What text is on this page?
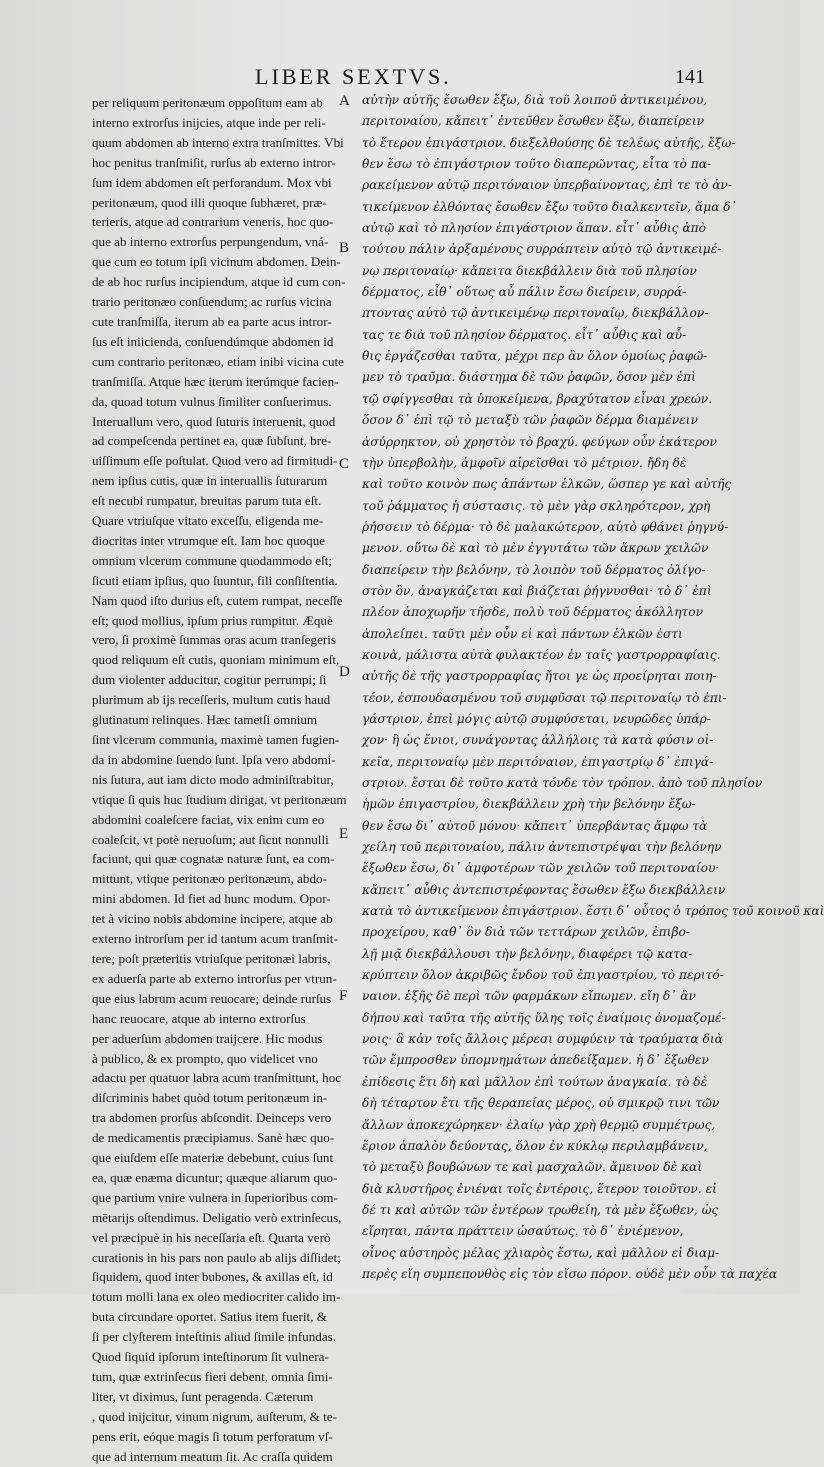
LIBER SEXTVS.	141
per reliquum peritonæum oppoſitum eam ab
interno extrorſus inijcies, atque inde per reli-
quum abdomen ab interno extra tranſmittes. Vbi
hoc penitus tranſmiſit, rurſus ab externo intror-
ſum idem abdomen eſt perforandum. Mox vbi
peritonæum, quod illi quoque ſubhæret, præ-
terieris, atque ad contrarium veneris, hoc quo-
que ab interno extrorſus perpungendum, vná-
que cum eo totum ipſi vicinum abdomen. Dein-
de ab hoc rurſus incipiendum, atque id cum con-
trario peritonæo conſuendum; ac rurſus vicina
cute tranſmiſſa, iterum ab ea parte acus intror-
ſus eſt iniicienda, conſuendúmque abdomen id
cum contrario peritonæo, etiam inibi vicina cute
tranſmiſſa. Atque hæc iterum iterúmque facien-
da, quoad totum vulnus ſimiliter conſuerimus.
Interuallum vero, quod ſuturis interuenit, quod
ad compeſcenda pertinet ea, quæ ſubſunt, bre-
uiſſimum eſſe poſtulat. Quod vero ad firmitudi-
nem ipſius cutis, quæ in interuallis ſuturarum
eſt necubi rumpatur, breuitas parum tuta eſt.
Quare vtriuſque vitato exceſſu, eligenda me-
diocritas inter vtrumque eſt. Iam hoc quoque
omnium vlcerum commune quodammodo eſt;
ſicuti etiam ipſius, quo ſuuntur, fili conſiſtentia.
Nam quod iſto durius eſt, cutem rumpat, neceſſe
eſt; quod mollius, ipſum prius rumpitur. Æquè
vero, ſi proximè ſummas oras acum tranſegeris
quod reliquum eſt cutis, quoniam minimum eſt,
dum violenter adducitur, cogitur perrumpi; ſi
plurimum ab ijs receſſeris, multum cutis haud
glutinatum relinques. Hæc tametſi omnium
ſint vlcerum communia, maximè tamen fugien-
da in abdomine ſuendo ſunt. Ipſa vero abdomi-
nis ſutura, aut iam dicto modo adminiſtrabitur,
vtique ſi quis huc ſtudium dirigat, vt peritonæum
abdomini coaleſcere faciat, vix enim cum eo
coaleſcit, vt potè neruoſum; aut ſicut nonnulli
faciunt, qui quæ cognatæ naturæ ſunt, ea com-
mittunt, vtique peritonæo peritonæum, abdo-
mini abdomen. Id fiet ad hunc modum. Opor-
tet à vicino nobis abdomine incipere, atque ab
externo introrſum per id tantum acum tranſmit-
tere; poſt præteritis vtriuſque peritonæi labris,
ex aduerſa parte ab externo introrſus per vtrun-
que eius labrum acum reuocare; deinde rurſus
hanc reuocare, atque ab interno extrorſus
per aduerſum abdomen traijcere. Hic modus
à publico, & ex prompto, quo videlicet vno
adactu per quatuor labra acum tranſmittunt, hoc
diſcriminis habet quòd totum peritonæum in-
tra abdomen prorſus abſcondit. Deinceps vero
de medicamentis præcipiamus. Sanè hæc quo-
que eiuſdem eſſe materiæ debebunt, cuius ſunt
ea, quæ enæma dicuntur; quæque aliarum quo-
que partium vnire vulnera in ſuperioribus com-
mētarijs oſtendimus. Deligatio verò extrinſecus,
vel præcipuè in his neceſſaria eſt. Quarta verò
curationis in his pars non paulo ab alijs diſſidet;
ſiquidem, quod inter bubones, & axillas eſt, id
totum molli lana ex oleo mediocriter calido im-
buta circundare oportet. Satius item fuerit, &
ſi per clyſterem inteſtinis aliud ſimile infundas.
Quod ſiquid ipſorum inteſtinorum ſit vulnera-
tum, quæ extrinſecus fieri debent, omnia ſimi-
liter, vt diximus, ſunt peragenda. Cæterum
, quod inijcitur, vinum nigrum, auſterum, & te-
pens erit, eóque magis ſi totum perforatum vſ-
que ad internum meatum ſit. Ac craſſa quidem
αὐτὴν αὐτῆς ἔσωθεν ἔξω, διὰ τοῦ λοιποῦ ἀντικειμένου,
περιτοναίου, κἄπειτ᾽ ἐντεῦθεν ἔσωθεν ἔξω, διαπείρειν
τὸ ἕτερον ἐπιγάστριον. διεξελθούσης δὲ τελέως αὐτῆς, ἔξω-
θεν ἔσω τὸ ἐπιγάστριον τοῦτο διαπερῶντας, εἶτα τὸ πα-
ρακείμενον αὐτῷ περιτόναιον ὑπερβαίνοντας, ἐπὶ τε τὸ ἀν-
τικείμενον ἐλθόντας ἔσωθεν ἔξω τοῦτο διαλκεντεῖν, ἅμα δ᾽
αὐτῷ καὶ τὸ πλησίον ἐπιγάστριον ἅπαν. εἶτ᾽ αὖθις ἀπὸ
τούτου πάλιν ἀρξαμένους συρράπτειν αὐτὸ τῷ ἀντικειμέ-
νῳ περιτοναίῳ· κἄπειτα διεκβάλλειν διὰ τοῦ πλησίον
δέρματος, εἶθ᾽ οὕτως αὖ πάλιν ἔσω διείρειν, συρρά-
πτοντας αὐτὸ τῷ ἀντικειμένῳ περιτοναίῳ, διεκβάλλον-
τας τε διὰ τοῦ πλησίον δέρματος. εἶτ᾽ αὖθις καὶ αὖ-
θις ἐργάζεσθαι ταῦτα, μέχρι περ ἂν ὅλον ὁμοίως ῥαφῶ-
μεν τὸ τραῦμα. διάστημα δὲ τῶν ῥαφῶν, ὅσον μὲν ἐπὶ
τῷ σφίγγεσθαι τὰ ὑποκείμενα, βραχύτατον εἶναι χρεών.
ὅσον δ᾽ ἐπὶ τῷ τὸ μεταξὺ τῶν ῥαφῶν δέρμα διαμένειν
ἀσύρρηκτον, οὐ χρηστὸν τὸ βραχύ. φεύγων οὖν ἑκάτερον
τὴν ὑπερβολὴν, ἀμφοῖν αἱρεῖσθαι τὸ μέτριον. ἤδη δὲ
καὶ τοῦτο κοινὸν πως ἁπάντων ἑλκῶν, ὥσπερ γε καὶ αὐτῆς
τοῦ ῥάμματος ἡ σύστασις. τὸ μὲν γὰρ σκληρότερον, χρὴ
ῥήσσειν τὸ δέρμα· τὸ δὲ μαλακώτερον, αὐτὸ φθάνει ῥηγνύ-
μενον. οὕτω δὲ καὶ τὸ μὲν ἐγγυτάτω τῶν ἄκρων χειλῶν
διαπείρειν τὴν βελόνην, τὸ λοιπὸν τοῦ δέρματος ὀλίγο-
στὸν ὂν, ἀναγκάζεται καὶ βιάζεται ῥήγνυσθαι· τὸ δ᾽ ἐπὶ
πλέον ἀποχωρῆν τῆσδε, πολὺ τοῦ δέρματος ἀκόλλητον
ἀπολείπει. ταῦτι μὲν οὖν εἰ καὶ πάντων ἑλκῶν ἐστι
κοινὰ, μάλιστα αὐτὰ φυλακτέον ἐν ταῖς γαστρορραφίαις.
αὐτῆς δὲ τῆς γαστρορραφίας ἤτοι γε ὡς προείρηται ποιη-
τέον, ἐσπουδασμένου τοῦ συμφῦσαι τῷ περιτοναίῳ τὸ ἐπι-
γάστριον, ἐπεὶ μόγις αὐτῷ συμφύσεται, νευρῶδες ὑπάρ-
χον· ἢ ὡς ἔνιοι, συνάγοντας ἀλλήλοις τὰ κατὰ φύσιν οἰ-
κεῖα, περιτοναίῳ μὲν περιτόναιον, ἐπιγαστρίῳ δ᾽ ἐπιγά-
στριον. ἔσται δὲ τοῦτο κατὰ τόνδε τὸν τρόπον. ἀπὸ τοῦ πλησίον
ἡμῶν ἐπιγαστρίου, διεκβάλλειν χρὴ τὴν βελόνην ἔξω-
θεν ἔσω δι᾽ αὐτοῦ μόνου· κἄπειτ᾽ ὑπερβάντας ἄμφω τὰ
χείλη τοῦ περιτοναίου, πάλιν ἀντεπιστρέψαι τὴν βελόνην
ἔξωθεν ἔσω, δι᾽ ἀμφοτέρων τῶν χειλῶν τοῦ περιτοναίου·
κἄπειτ᾽ αὖθις ἀντεπιστρέφοντας ἔσωθεν ἔξω διεκβάλλειν
κατὰ τὸ ἀντικείμενον ἐπιγάστριον. ἔστι δ᾽ οὗτος ὁ τρόπος τοῦ κοινοῦ καὶ
προχείρου, καθ᾽ ὃν διὰ τῶν τεττάρων χειλῶν, ἐπιβο-
λῇ μιᾷ διεκβάλλουσι τὴν βελόνην, διαφέρει τῷ κατα-
κρύπτειν ὅλον ἀκριβῶς ἔνδον τοῦ ἐπιγαστρίου, τὸ περιτό-
ναιον. ἑξῆς δὲ περὶ τῶν φαρμάκων εἴπωμεν. εἴη δ᾽ ἂν
δήπου καὶ ταῦτα τῆς αὐτῆς ὕλης τοῖς ἐναίμοις ὀνομαζομέ-
νοις· ἃ κἀν τοῖς ἄλλοις μέρεσι συμφύειν τὰ τραύματα διὰ
τῶν ἔμπροσθεν ὑπομνημάτων ἀπεδείξαμεν. ἡ δ᾽ ἔξωθεν
ἐπίδεσις ἔτι δὴ καὶ μᾶλλον ἐπὶ τούτων ἀναγκαία. τὸ δὲ
δὴ τέταρτον ἔτι τῆς θεραπείας μέρος, οὐ σμικρῷ τινι τῶν
ἄλλων ἀποκεχώρηκεν· ἐλαίῳ γὰρ χρὴ θερμῷ συμμέτρως,
ἔριον ἁπαλὸν δεύοντας, ὅλον ἐν κύκλῳ περιλαμβάνειν,
τὸ μεταξὺ βουβώνων τε καὶ μασχαλῶν. ἄμεινον δὲ καὶ
διὰ κλυστῆρος ἐνιέναι τοῖς ἐντέροις, ἕτερον τοιοῦτον. εἰ
δέ τι καὶ αὐτῶν τῶν ἐντέρων τρωθείη, τὰ μὲν ἔξωθεν, ὡς
εἴρηται, πάντα πράττειν ὡσαύτως. τὸ δ᾽ ἐνιέμενον,
οἶνος αὐστηρὸς μέλας χλιαρὸς ἔστω, καὶ μᾶλλον εἰ διαμ-
περὲς εἴη συμπεπονθὸς εἰς τὸν εἴσω πόρον. οὐδὲ μὲν οὖν τὰ παχέα
A
B
C
D
E
F
